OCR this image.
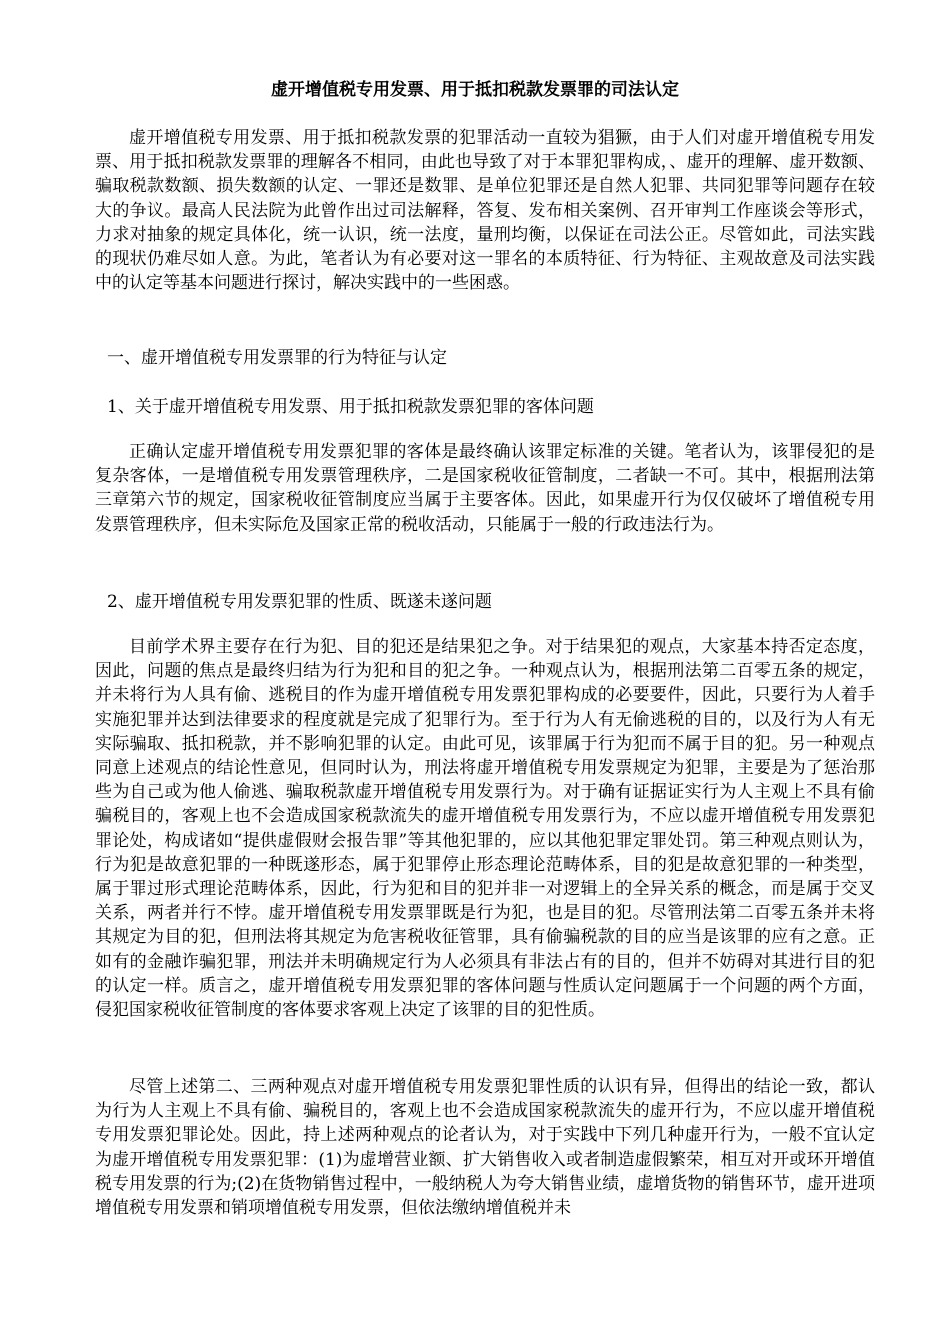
虚开增值税专用发票、用于抵扣税款发票罪的司法认定

虚开增值税专用发票、用于抵扣税款发票的犯罪活动一直较为猖獗，由于人们对虚开增值税专用发票、用于抵扣税款发票罪的理解各不相同，由此也导致了对于本罪犯罪构成，、虚开的理解、虚开数额、骗取税款数额、损失数额的认定、一罪还是数罪、是单位犯罪还是自然人犯罪、共同犯罪等问题存在较大的争议。最高人民法院为此曾作出过司法解释，答复、发布相关案例、召开审判工作座谈会等形式，力求对抽象的规定具体化，统一认识，统一法度，量刑均衡，以保证在司法公正。尽管如此，司法实践的现状仍难尽如人意。为此，笔者认为有必要对这一罪名的本质特征、行为特征、主观故意及司法实践中的认定等基本问题进行探讨，解决实践中的一些困惑。

一、虚开增值税专用发票罪的行为特征与认定

1、关于虚开增值税专用发票、用于抵扣税款发票犯罪的客体问题

正确认定虚开增值税专用发票犯罪的客体是最终确认该罪定标准的关键。笔者认为，该罪侵犯的是复杂客体，一是增值税专用发票管理秩序，二是国家税收征管制度，二者缺一不可。其中，根据刑法第三章第六节的规定，国家税收征管制度应当属于主要客体。因此，如果虚开行为仅仅破坏了增值税专用发票管理秩序，但未实际危及国家正常的税收活动，只能属于一般的行政违法行为。

2、虚开增值税专用发票犯罪的性质、既遂未遂问题

目前学术界主要存在行为犯、目的犯还是结果犯之争。对于结果犯的观点，大家基本持否定态度，因此，问题的焦点是最终归结为行为犯和目的犯之争。一种观点认为，根据刑法第二百零五条的规定，并未将行为人具有偷、逃税目的作为虚开增值税专用发票犯罪构成的必要要件，因此，只要行为人着手实施犯罪并达到法律要求的程度就是完成了犯罪行为。至于行为人有无偷逃税的目的，以及行为人有无实际骗取、抵扣税款，并不影响犯罪的认定。由此可见，该罪属于行为犯而不属于目的犯。另一种观点同意上述观点的结论性意见，但同时认为，刑法将虚开增值税专用发票规定为犯罪，主要是为了惩治那些为自己或为他人偷逃、骗取税款虚开增值税专用发票行为。对于确有证据证实行为人主观上不具有偷骗税目的，客观上也不会造成国家税款流失的虚开增值税专用发票行为，不应以虚开增值税专用发票犯罪论处，构成诸如“提供虚假财会报告罪”等其他犯罪的，应以其他犯罪定罪处罚。第三种观点则认为，行为犯是故意犯罪的一种既遂形态，属于犯罪停止形态理论范畴体系，目的犯是故意犯罪的一种类型，属于罪过形式理论范畴体系，因此，行为犯和目的犯并非一对逻辑上的全异关系的概念，而是属于交叉关系，两者并行不悖。虚开增值税专用发票罪既是行为犯，也是目的犯。尽管刑法第二百零五条并未将其规定为目的犯，但刑法将其规定为危害税收征管罪，具有偷骗税款的目的应当是该罪的应有之意。正如有的金融诈骗犯罪，刑法并未明确规定行为人必须具有非法占有的目的，但并不妨碍对其进行目的犯的认定一样。质言之，虚开增值税专用发票犯罪的客体问题与性质认定问题属于一个问题的两个方面，侵犯国家税收征管制度的客体要求客观上决定了该罪的目的犯性质。

尽管上述第二、三两种观点对虚开增值税专用发票犯罪性质的认识有异，但得出的结论一致，都认为行为人主观上不具有偷、骗税目的，客观上也不会造成国家税款流失的虚开行为，不应以虚开增值税专用发票犯罪论处。因此，持上述两种观点的论者认为，对于实践中下列几种虚开行为，一般不宜认定为虚开增值税专用发票犯罪：(1)为虚增营业额、扩大销售收入或者制造虚假繁荣，相互对开或环开增值税专用发票的行为;(2)在货物销售过程中，一般纳税人为夸大销售业绩，虚增货物的销售环节，虚开进项增值税专用发票和销项增值税专用发票，但依法缴纳增值税并未
